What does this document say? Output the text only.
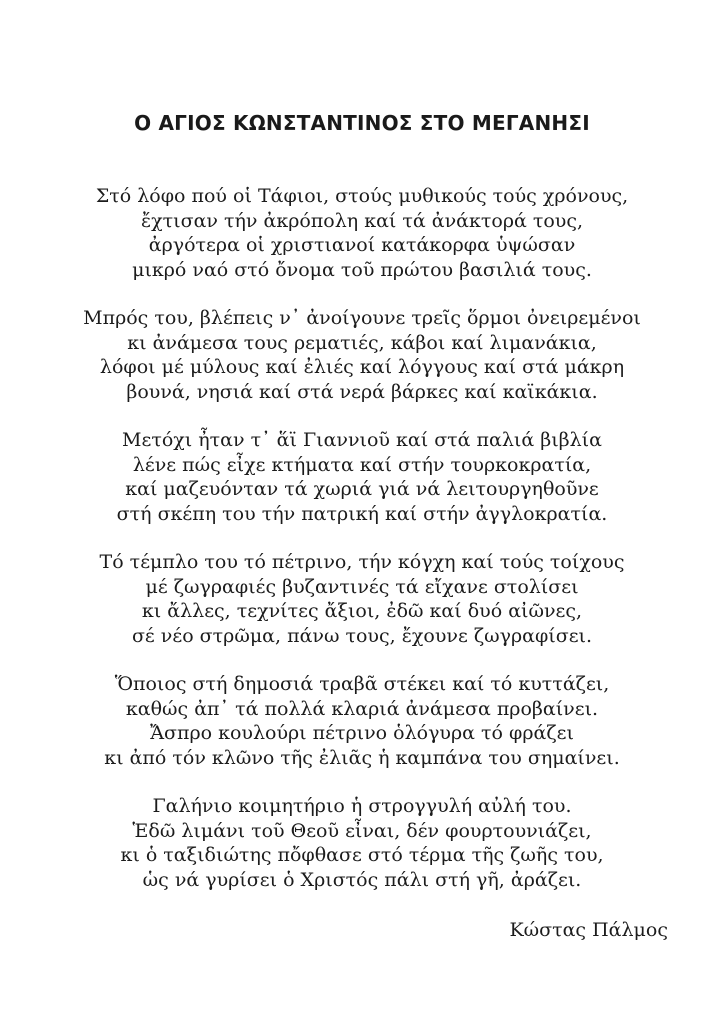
Ο ΑΓΙΟΣ ΚΩΝΣΤΑΝΤΙΝΟΣ ΣΤΟ ΜΕΓΑΝΗΣΙ
Στό λόφο πού οἱ Τάφιοι, στούς μυθικούς τούς χρόνους,
ἔχτισαν τήν ἀκρόπολη καί τά ἀνάκτορά τους,
ἀργότερα οἱ χριστιανοί κατάκορφα ὑψώσαν
μικρό ναό στό ὄνομα τοῦ πρώτου βασιλιά τους.
Μπρός του, βλέπεις ν᾽ ἀνοίγουνε τρεῖς ὅρμοι ὀνειρεμένοι
κι ἀνάμεσα τους ρεματιές, κάβοι καί λιμανάκια,
λόφοι μέ μύλους καί ἐλιές καί λόγγους καί στά μάκρη
βουνά, νησιά καί στά νερά βάρκες καί καϊκάκια.
Μετόχι ἦταν τ᾽ ἅϊ Γιαννιοῦ καί στά παλιά βιβλία
λένε πώς εἶχε κτήματα καί στήν τουρκοκρατία,
καί μαζευόνταν τά χωριά γιά νά λειτουργηθοῦνε
στή σκέπη του τήν πατρική καί στήν ἀγγλοκρατία.
Τό τέμπλο του τό πέτρινο, τήν κόγχη καί τούς τοίχους
μέ ζωγραφιές βυζαντινές τά εἴχανε στολίσει
κι ἄλλες, τεχνίτες ἄξιοι, ἐδῶ καί δυό αἰῶνες,
σέ νέο στρῶμα, πάνω τους, ἔχουνε ζωγραφίσει.
Ὅποιος στή δημοσιά τραβᾶ στέκει καί τό κυττάζει,
καθώς ἀπ᾽ τά πολλά κλαριά ἀνάμεσα προβαίνει.
Ἄσπρο κουλούρι πέτρινο ὁλόγυρα τό φράζει
κι ἀπό τόν κλῶνο τῆς ἐλιᾶς ἡ καμπάνα του σημαίνει.
Γαλήνιο κοιμητήριο ἡ στρογγυλή αὐλή του.
Ἑδῶ λιμάνι τοῦ Θεοῦ εἶναι, δέν φουρτουνιάζει,
κι ὁ ταξιδιώτης πὄφθασε στό τέρμα τῆς ζωῆς του,
ὡς νά γυρίσει ὁ Χριστός πάλι στή γῆ, ἀράζει.
Κώστας Πάλμος
